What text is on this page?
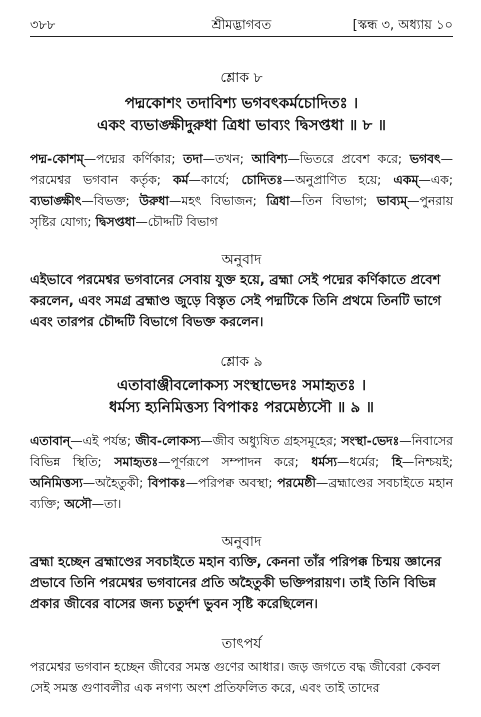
৩৮৮	শ্রীমদ্ভাগবত	[স্কন্ধ ৩, অধ্যায় ১০
শ্লোক ৮
পদ্মকোশং তদাবিশ্য ভগবৎকর্মচোদিতঃ ।
একং ব্যভাঙ্ক্ষীদুরুধা ত্রিধা ভাব্যং দ্বিসপ্তধা ॥ ৮ ॥
পদ্ম-কোশম্—পদ্মের কর্ণিকার; তদা—তখন; আবিশ্য—ভিতরে প্রবেশ করে; ভগবৎ—পরমেশ্বর ভগবান কর্তৃক; কর্ম—কার্যে; চোদিতঃ—অনুপ্রাণিত হয়ে; একম্—এক; ব্যভাঙ্ক্ষীৎ—বিভক্ত; উরুধা—মহৎ বিভাজন; ত্রিধা—তিন বিভাগ; ভাব্যম্—পুনরায় সৃষ্টির যোগ্য; দ্বিসপ্তধা—চৌদ্দটি বিভাগ
অনুবাদ
এইভাবে পরমেশ্বর ভগবানের সেবায় যুক্ত হয়ে, ব্রহ্মা সেই পদ্মের কর্ণিকাতে প্রবেশ করলেন, এবং সমগ্র ব্রহ্মাণ্ড জুড়ে বিস্তৃত সেই পদ্মটিকে তিনি প্রথমে তিনটি ভাগে এবং তারপর চৌদ্দটি বিভাগে বিভক্ত করলেন।
শ্লোক ৯
এতাবাঞ্জীবলোকস্য সংস্থাভেদঃ সমাহৃতঃ ।
ধর্মস্য হ্যনিমিত্তস্য বিপাকঃ পরমেষ্ঠ্যসৌ ॥ ৯ ॥
এতাবান্—এই পর্যন্ত; জীব-লোকস্য—জীব অধ্যুষিত গ্রহসমূহের; সংস্থা-ভেদঃ—নিবাসের বিভিন্ন স্থিতি; সমাহৃতঃ—পূর্ণরূপে সম্পাদন করে; ধর্মস্য—ধর্মের; হি—নিশ্চয়ই; অনিমিত্তস্য—অহৈতুকী; বিপাকঃ—পরিপক্ব অবস্থা; পরমেষ্ঠী—ব্রহ্মাণ্ডের সবচাইতে মহান ব্যক্তি; অসৌ—তা।
অনুবাদ
ব্রহ্মা হচ্ছেন ব্রহ্মাণ্ডের সবচাইতে মহান ব্যক্তি, কেননা তাঁর পরিপক্ক চিন্ময় জ্ঞানের প্রভাবে তিনি পরমেশ্বর ভগবানের প্রতি অহৈতুকী ভক্তিপরায়ণ। তাই তিনি বিভিন্ন প্রকার জীবের বাসের জন্য চতুর্দশ ভুবন সৃষ্টি করেছিলেন।
তাৎপর্য
পরমেশ্বর ভগবান হচ্ছেন জীবের সমস্ত গুণের আধার। জড় জগতে বদ্ধ জীবেরা কেবল সেই সমস্ত গুণাবলীর এক নগণ্য অংশ প্রতিফলিত করে, এবং তাই তাদের
